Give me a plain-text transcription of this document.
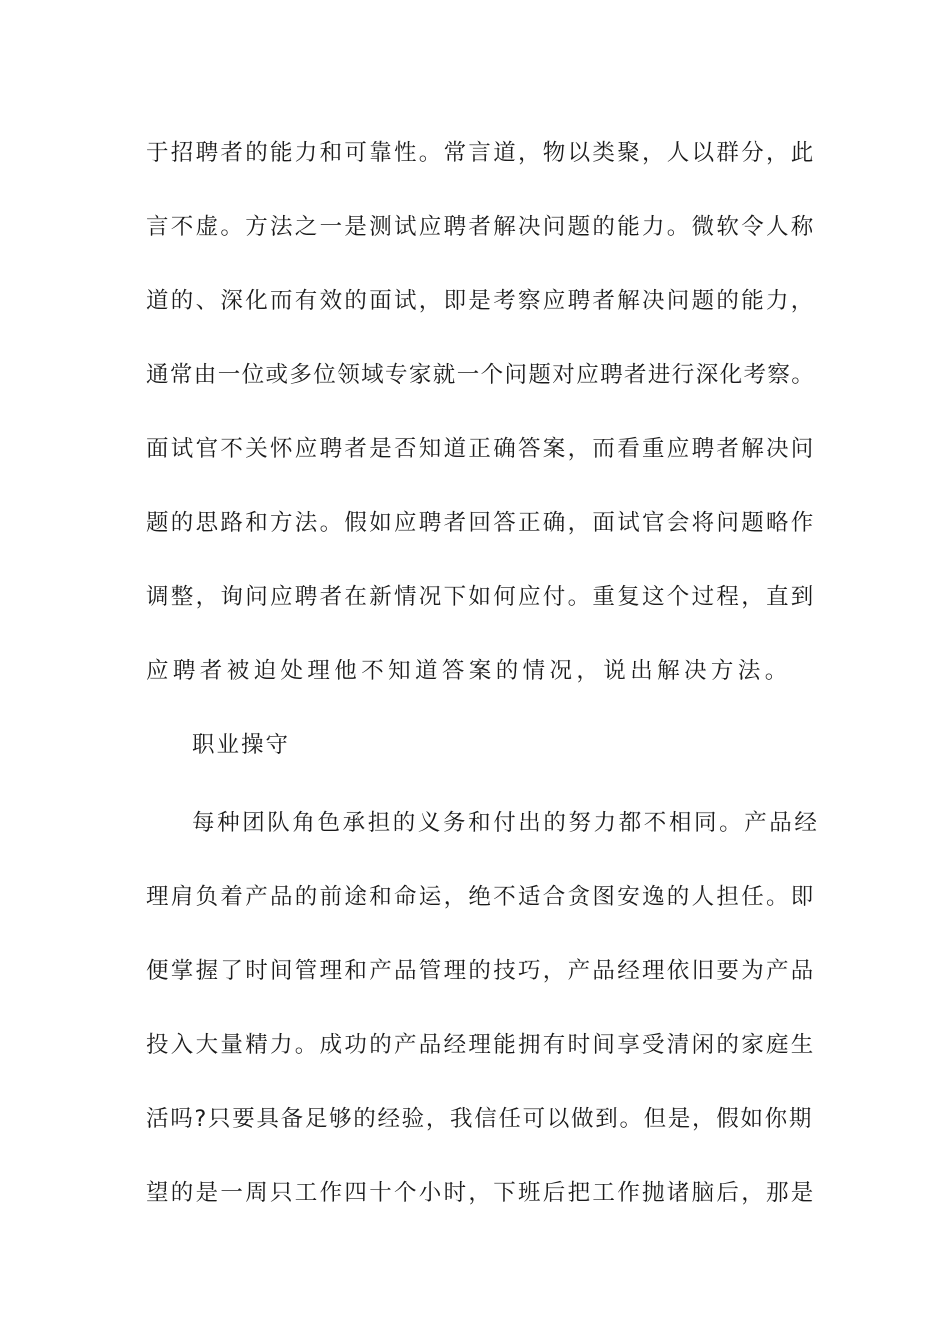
于招聘者的能力和可靠性。常言道，物以类聚，人以群分，此
言不虚。方法之一是测试应聘者解决问题的能力。微软令人称
道的、深化而有效的面试，即是考察应聘者解决问题的能力，
通常由一位或多位领域专家就一个问题对应聘者进行深化考察。
面试官不关怀应聘者是否知道正确答案，而看重应聘者解决问
题的思路和方法。假如应聘者回答正确，面试官会将问题略作
调整，询问应聘者在新情况下如何应付。重复这个过程，直到
应聘者被迫处理他不知道答案的情况，说出解决方法。
职业操守
每种团队角色承担的义务和付出的努力都不相同。产品经
理肩负着产品的前途和命运，绝不适合贪图安逸的人担任。即
便掌握了时间管理和产品管理的技巧，产品经理依旧要为产品
投入大量精力。成功的产品经理能拥有时间享受清闲的家庭生
活吗?只要具备足够的经验，我信任可以做到。但是，假如你期
望的是一周只工作四十个小时，下班后把工作抛诸脑后，那是
